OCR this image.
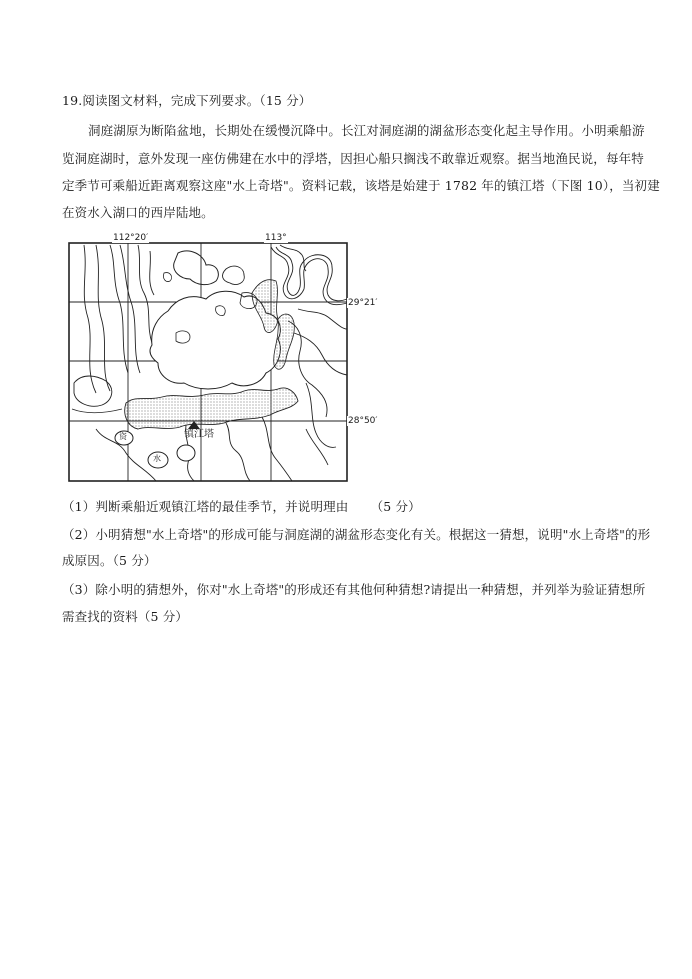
19.阅读图文材料，完成下列要求。（15 分）
洞庭湖原为断陷盆地，长期处在缓慢沉降中。长江对洞庭湖的湖盆形态变化起主导作用。小明乘船游
览洞庭湖时，意外发现一座仿佛建在水中的浮塔，因担心船只搁浅不敢靠近观察。据当地渔民说，每年特
定季节可乘船近距离观察这座"水上奇塔"。资料记载，该塔是始建于 1782 年的镇江塔（下图 10），当初建
在资水入湖口的西岸陆地。
112°20′	113°
29°21′
28°50′
镇江塔
资
水
（1）判断乘船近观镇江塔的最佳季节，并说明理由 （5 分）
（2）小明猜想"水上奇塔"的形成可能与洞庭湖的湖盆形态变化有关。根据这一猜想，说明"水上奇塔"的形
成原因。（5 分）
（3）除小明的猜想外，你对"水上奇塔"的形成还有其他何种猜想?请提出一种猜想，并列举为验证猜想所
需查找的资料（5 分）
